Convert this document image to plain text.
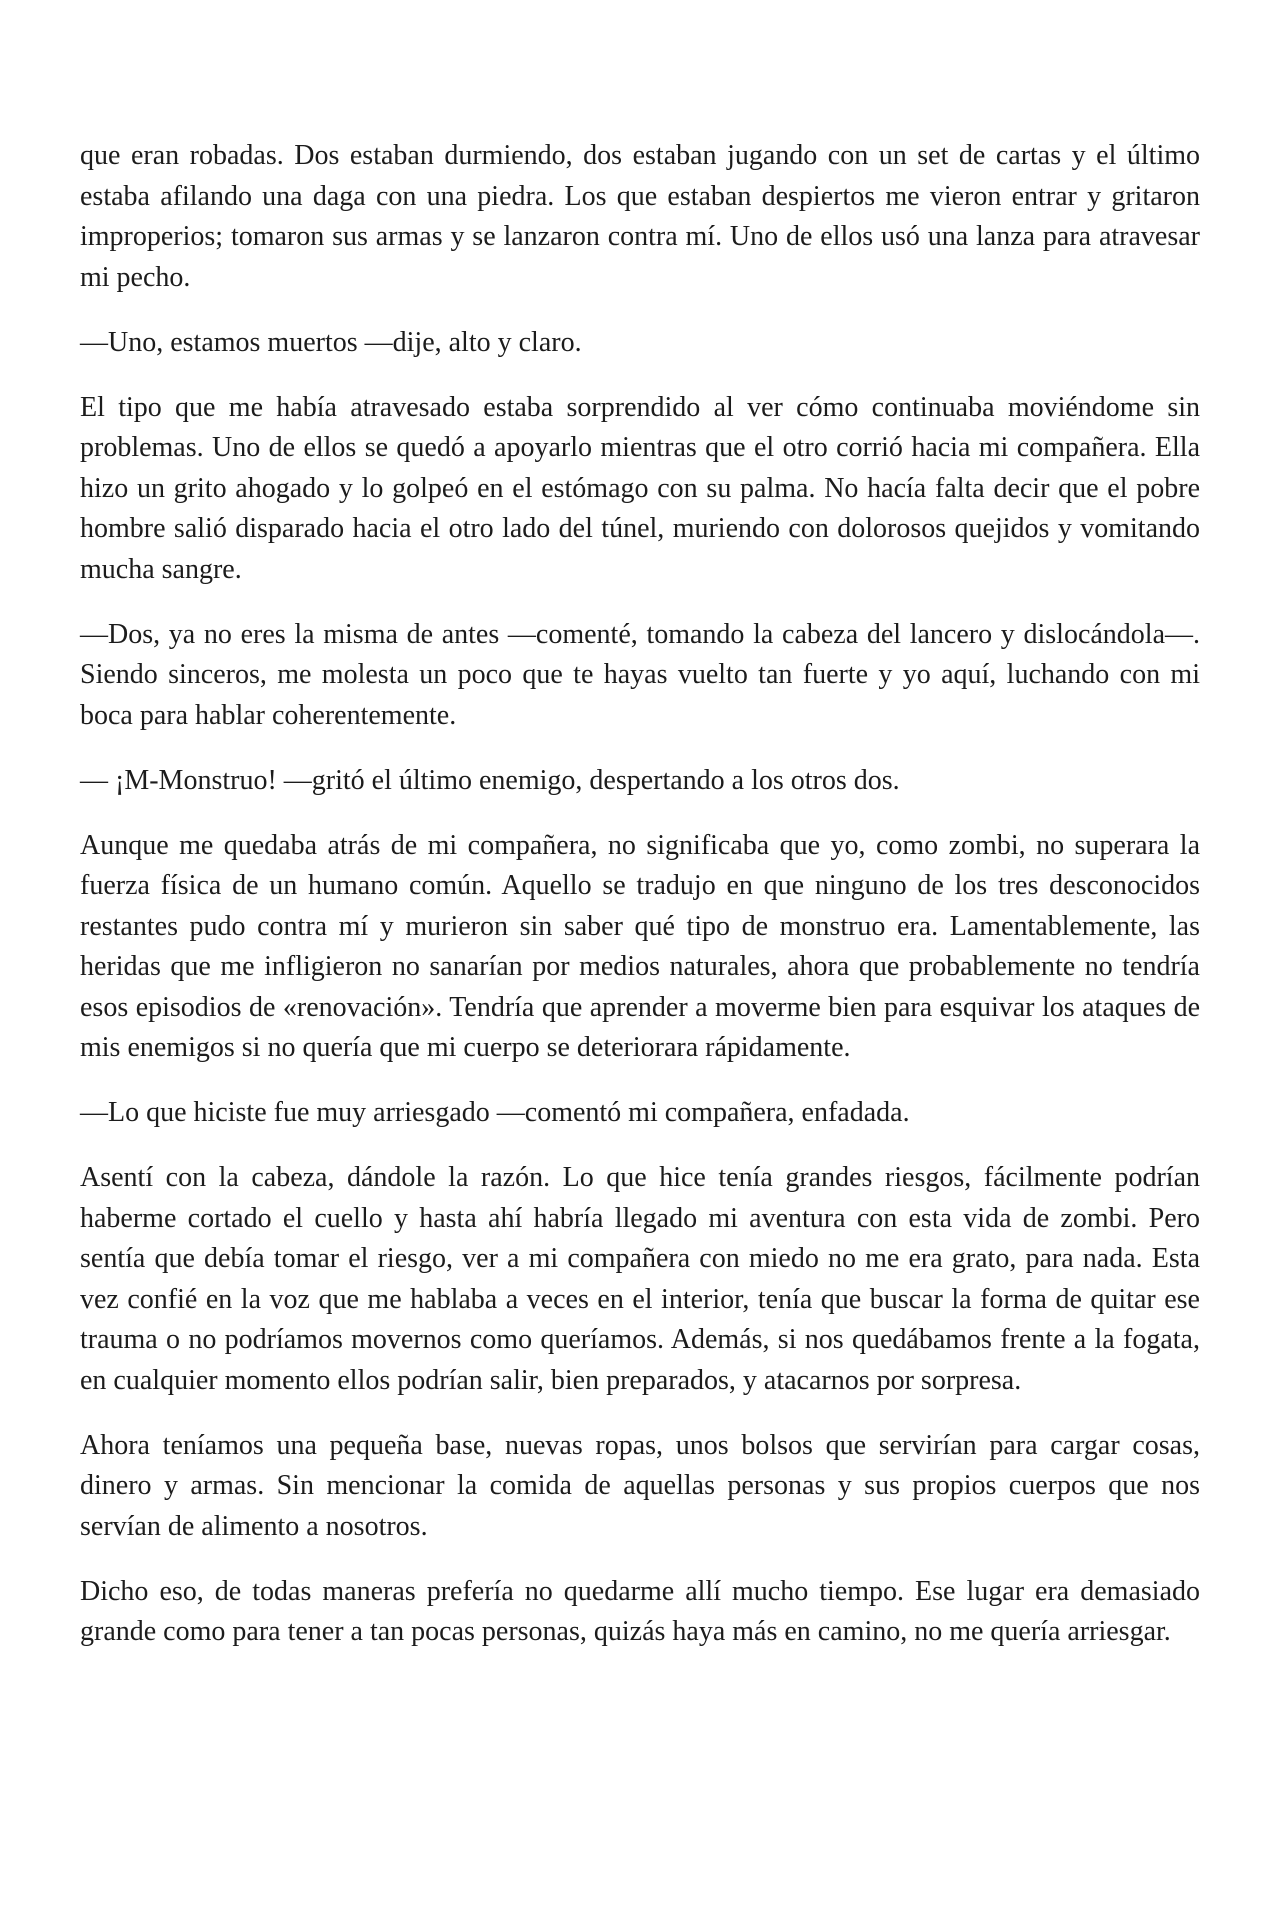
que eran robadas. Dos estaban durmiendo, dos estaban jugando con un set de cartas y el último estaba afilando una daga con una piedra. Los que estaban despiertos me vieron entrar y gritaron improperios; tomaron sus armas y se lanzaron contra mí. Uno de ellos usó una lanza para atravesar mi pecho.

—Uno, estamos muertos —dije, alto y claro.

El tipo que me había atravesado estaba sorprendido al ver cómo continuaba moviéndome sin problemas. Uno de ellos se quedó a apoyarlo mientras que el otro corrió hacia mi compañera. Ella hizo un grito ahogado y lo golpeó en el estómago con su palma. No hacía falta decir que el pobre hombre salió disparado hacia el otro lado del túnel, muriendo con dolorosos quejidos y vomitando mucha sangre.

—Dos, ya no eres la misma de antes —comenté, tomando la cabeza del lancero y dislocándola—. Siendo sinceros, me molesta un poco que te hayas vuelto tan fuerte y yo aquí, luchando con mi boca para hablar coherentemente.

— ¡M-Monstruo! —gritó el último enemigo, despertando a los otros dos.

Aunque me quedaba atrás de mi compañera, no significaba que yo, como zombi, no superara la fuerza física de un humano común. Aquello se tradujo en que ninguno de los tres desconocidos restantes pudo contra mí y murieron sin saber qué tipo de monstruo era. Lamentablemente, las heridas que me infligieron no sanarían por medios naturales, ahora que probablemente no tendría esos episodios de «renovación». Tendría que aprender a moverme bien para esquivar los ataques de mis enemigos si no quería que mi cuerpo se deteriorara rápidamente.

—Lo que hiciste fue muy arriesgado —comentó mi compañera, enfadada.

Asentí con la cabeza, dándole la razón. Lo que hice tenía grandes riesgos, fácilmente podrían haberme cortado el cuello y hasta ahí habría llegado mi aventura con esta vida de zombi. Pero sentía que debía tomar el riesgo, ver a mi compañera con miedo no me era grato, para nada. Esta vez confié en la voz que me hablaba a veces en el interior, tenía que buscar la forma de quitar ese trauma o no podríamos movernos como queríamos. Además, si nos quedábamos frente a la fogata, en cualquier momento ellos podrían salir, bien preparados, y atacarnos por sorpresa.

Ahora teníamos una pequeña base, nuevas ropas, unos bolsos que servirían para cargar cosas, dinero y armas. Sin mencionar la comida de aquellas personas y sus propios cuerpos que nos servían de alimento a nosotros.

Dicho eso, de todas maneras prefería no quedarme allí mucho tiempo. Ese lugar era demasiado grande como para tener a tan pocas personas, quizás haya más en camino, no me quería arriesgar.
